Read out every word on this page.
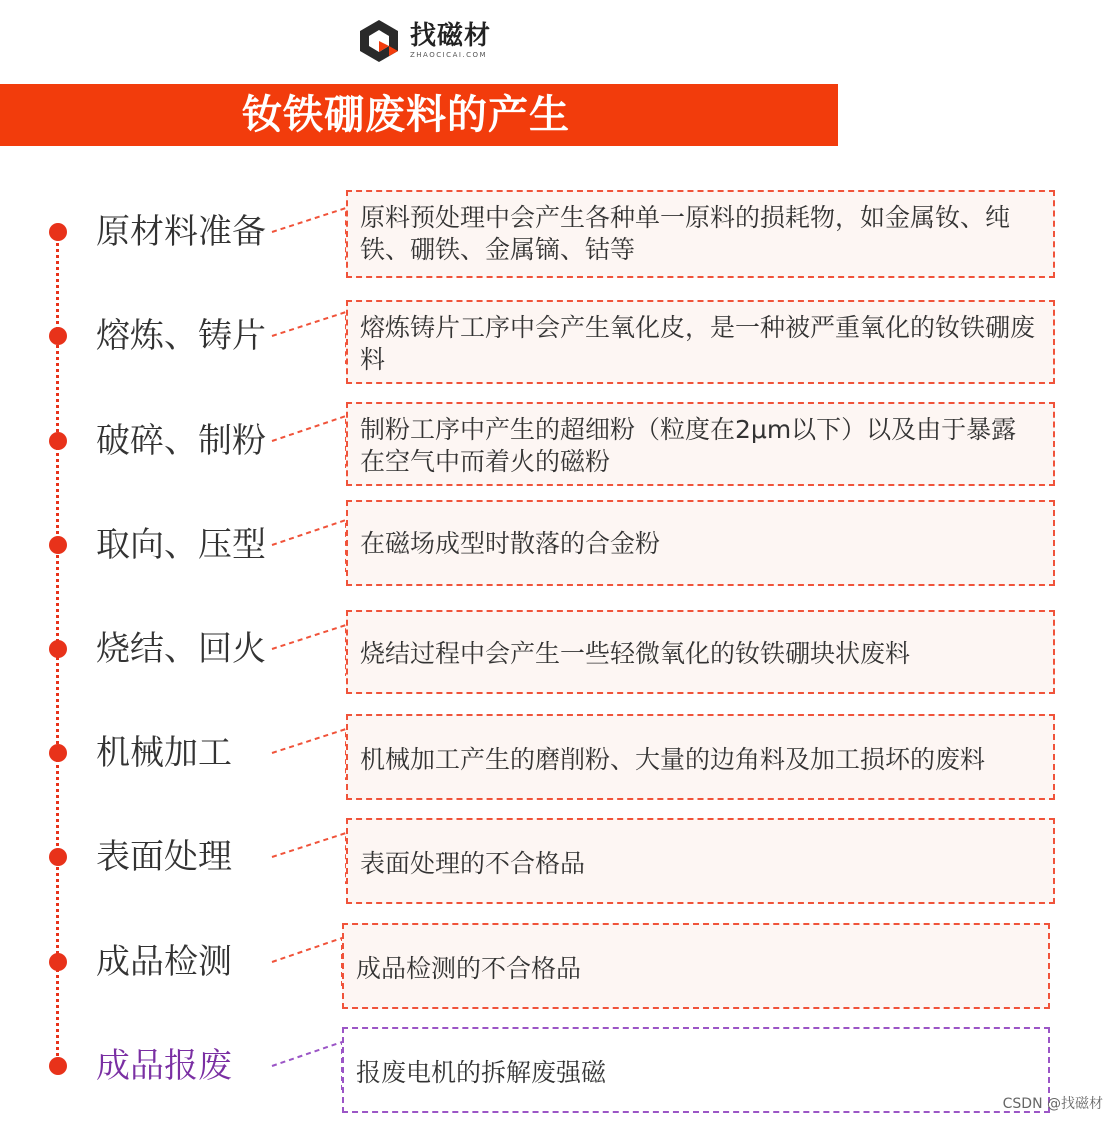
找磁材
ZHAOCICAI.COM
钕铁硼废料的产生
原材料准备
熔炼、铸片
破碎、制粉
取向、压型
烧结、回火
机械加工
表面处理
成品检测
成品报废
原料预处理中会产生各种单一原料的损耗物，如金属钕、纯铁、硼铁、金属镝、钴等
熔炼铸片工序中会产生氧化皮，是一种被严重氧化的钕铁硼废料
制粉工序中产生的超细粉（粒度在2μm以下）以及由于暴露在空气中而着火的磁粉
在磁场成型时散落的合金粉
烧结过程中会产生一些轻微氧化的钕铁硼块状废料
机械加工产生的磨削粉、大量的边角料及加工损坏的废料
表面处理的不合格品
成品检测的不合格品
报废电机的拆解废强磁
CSDN @找磁材
